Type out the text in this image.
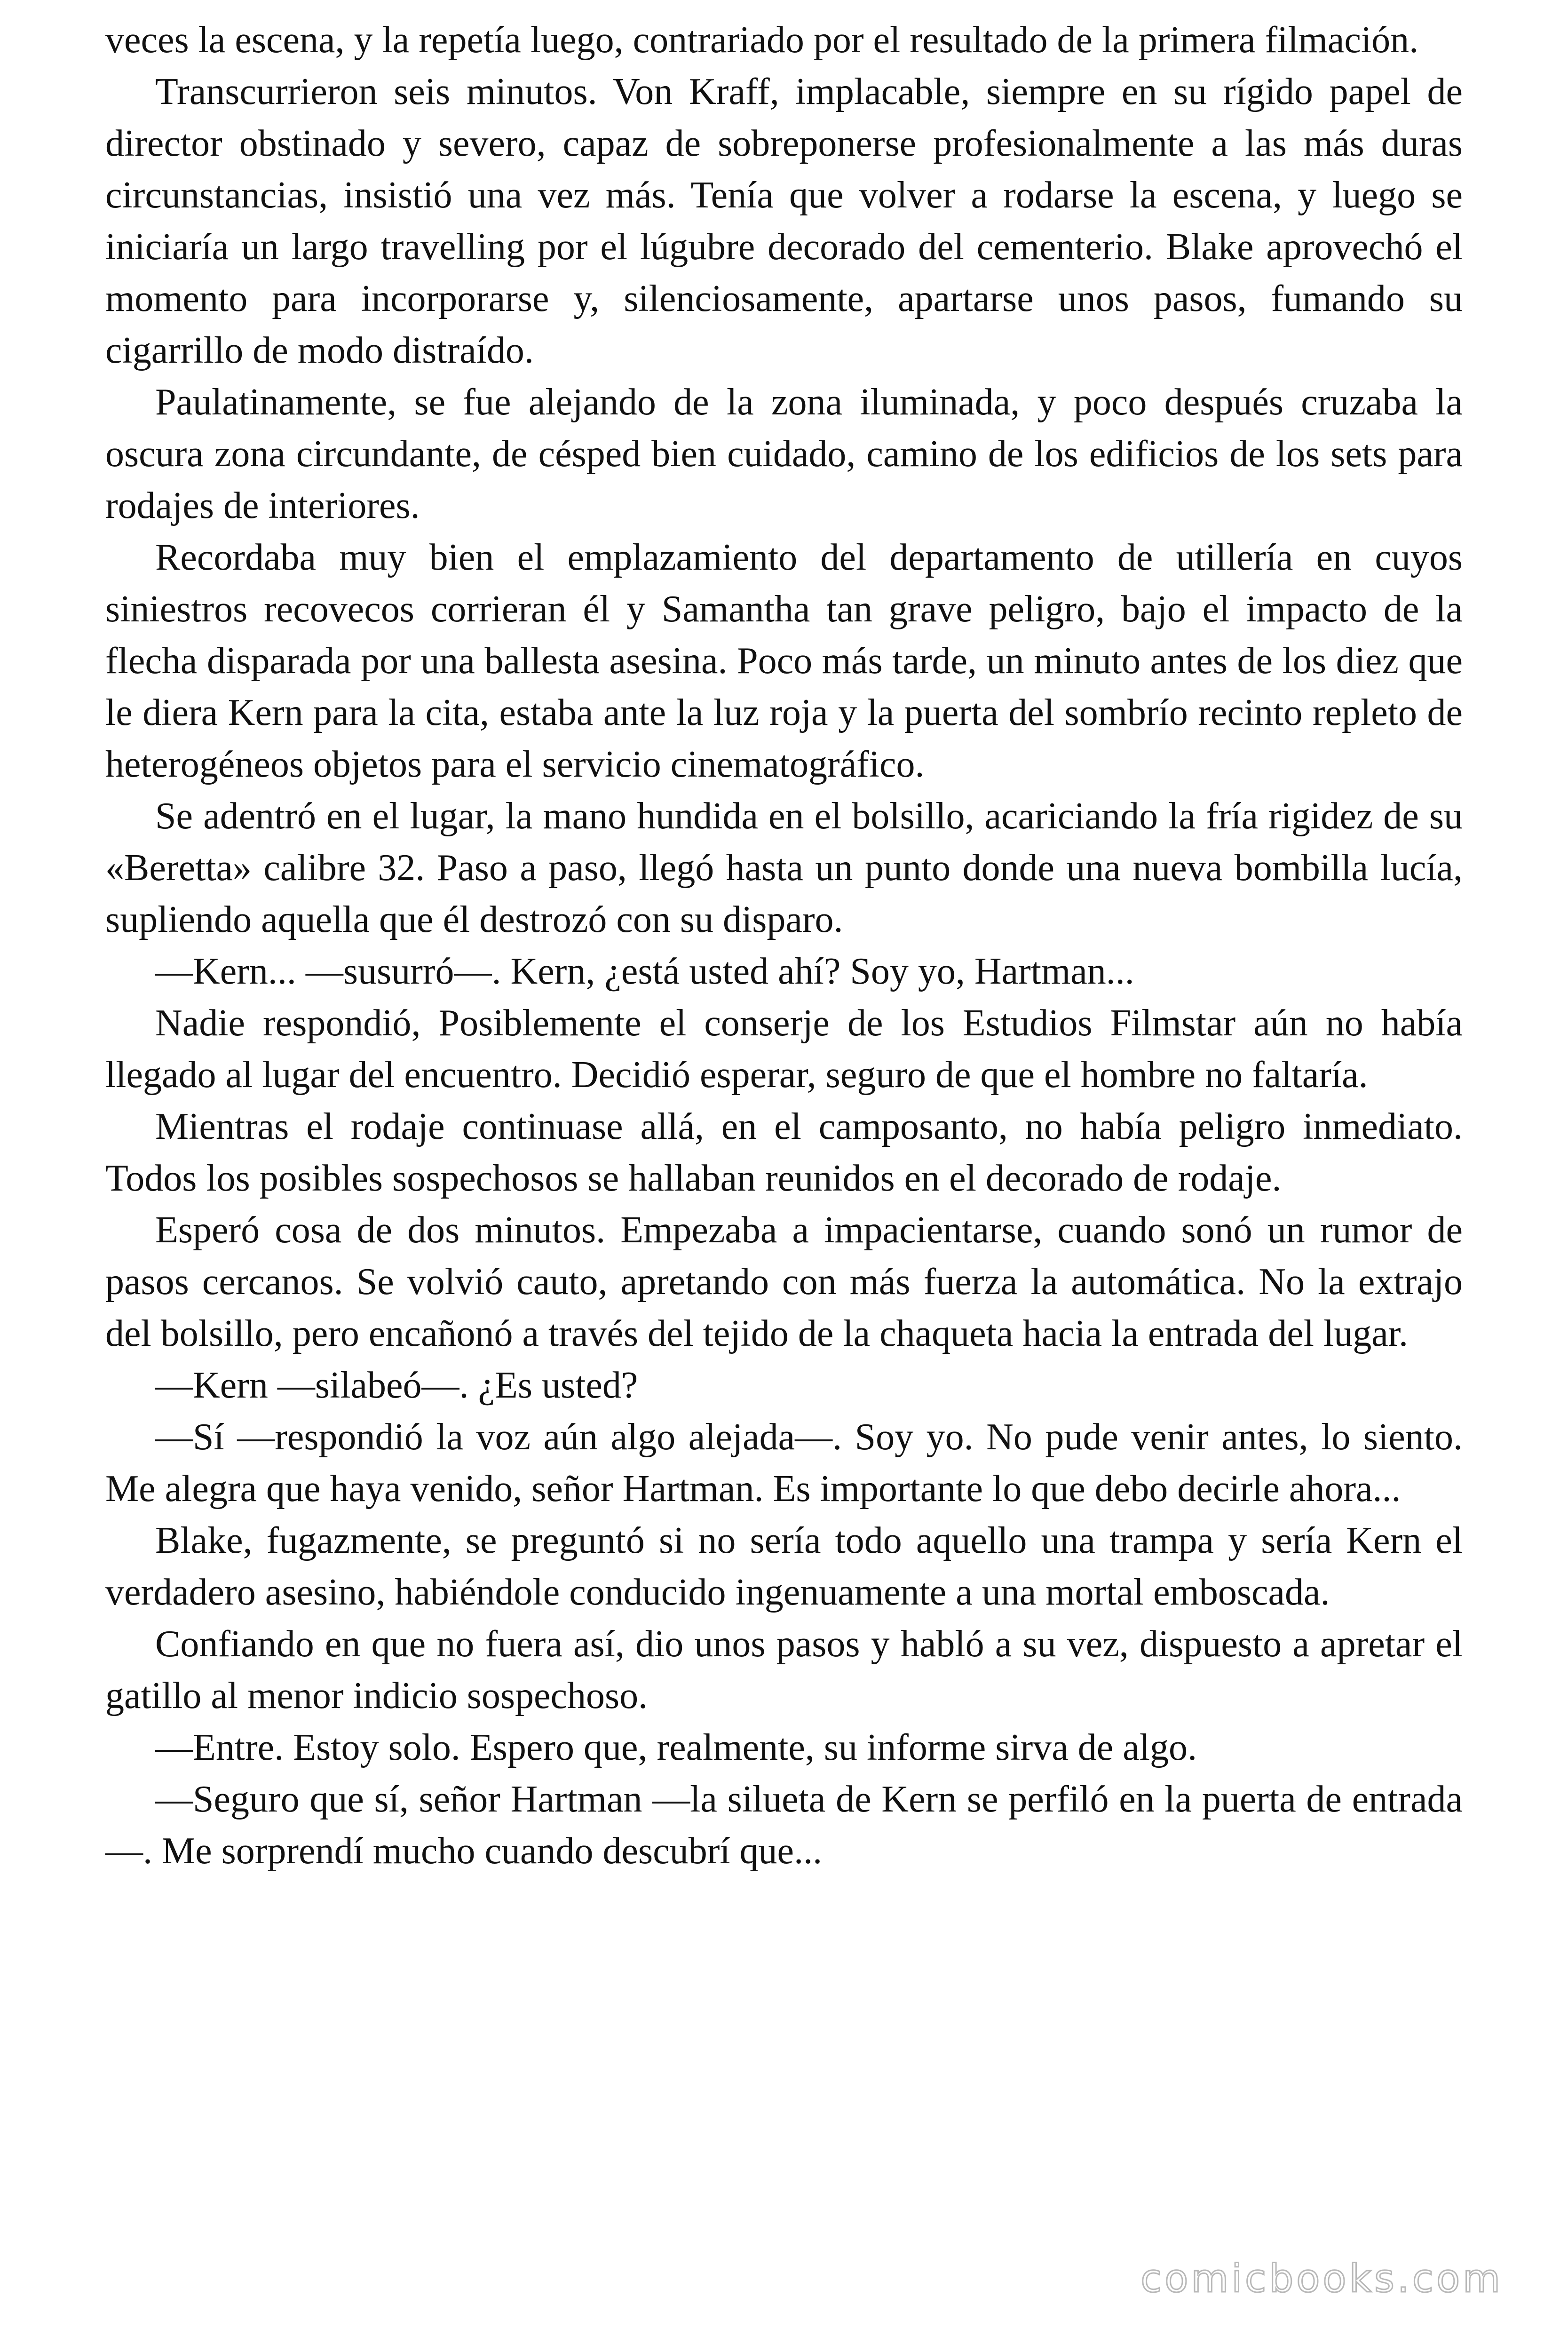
veces la escena, y la repetía luego, contrariado por el resultado de la primera filmación.

Transcurrieron seis minutos. Von Kraff, implacable, siempre en su rígido papel de director obstinado y severo, capaz de sobreponerse profesionalmente a las más duras circunstancias, insistió una vez más. Tenía que volver a rodarse la escena, y luego se iniciaría un largo travelling por el lúgubre decorado del cementerio. Blake aprovechó el momento para incorporarse y, silenciosamente, apartarse unos pasos, fumando su cigarrillo de modo distraído.

Paulatinamente, se fue alejando de la zona iluminada, y poco después cruzaba la oscura zona circundante, de césped bien cuidado, camino de los edificios de los sets para rodajes de interiores.

Recordaba muy bien el emplazamiento del departamento de utillería en cuyos siniestros recovecos corrieran él y Samantha tan grave peligro, bajo el impacto de la flecha disparada por una ballesta asesina. Poco más tarde, un minuto antes de los diez que le diera Kern para la cita, estaba ante la luz roja y la puerta del sombrío recinto repleto de heterogéneos objetos para el servicio cinematográfico.

Se adentró en el lugar, la mano hundida en el bolsillo, acariciando la fría rigidez de su «Beretta» calibre 32. Paso a paso, llegó hasta un punto donde una nueva bombilla lucía, supliendo aquella que él destrozó con su disparo.

—Kern... —susurró—. Kern, ¿está usted ahí? Soy yo, Hartman...

Nadie respondió, Posiblemente el conserje de los Estudios Filmstar aún no había llegado al lugar del encuentro. Decidió esperar, seguro de que el hombre no faltaría.

Mientras el rodaje continuase allá, en el camposanto, no había peligro inmediato. Todos los posibles sospechosos se hallaban reunidos en el decorado de rodaje.

Esperó cosa de dos minutos. Empezaba a impacientarse, cuando sonó un rumor de pasos cercanos. Se volvió cauto, apretando con más fuerza la automática. No la extrajo del bolsillo, pero encañonó a través del tejido de la chaqueta hacia la entrada del lugar.

—Kern —silabeó—. ¿Es usted?

—Sí —respondió la voz aún algo alejada—. Soy yo. No pude venir antes, lo siento. Me alegra que haya venido, señor Hartman. Es importante lo que debo decirle ahora...

Blake, fugazmente, se preguntó si no sería todo aquello una trampa y sería Kern el verdadero asesino, habiéndole conducido ingenuamente a una mortal emboscada.

Confiando en que no fuera así, dio unos pasos y habló a su vez, dispuesto a apretar el gatillo al menor indicio sospechoso.

—Entre. Estoy solo. Espero que, realmente, su informe sirva de algo.

—Seguro que sí, señor Hartman —la silueta de Kern se perfiló en la puerta de entrada—. Me sorprendí mucho cuando descubrí que...

comicbooks.com
